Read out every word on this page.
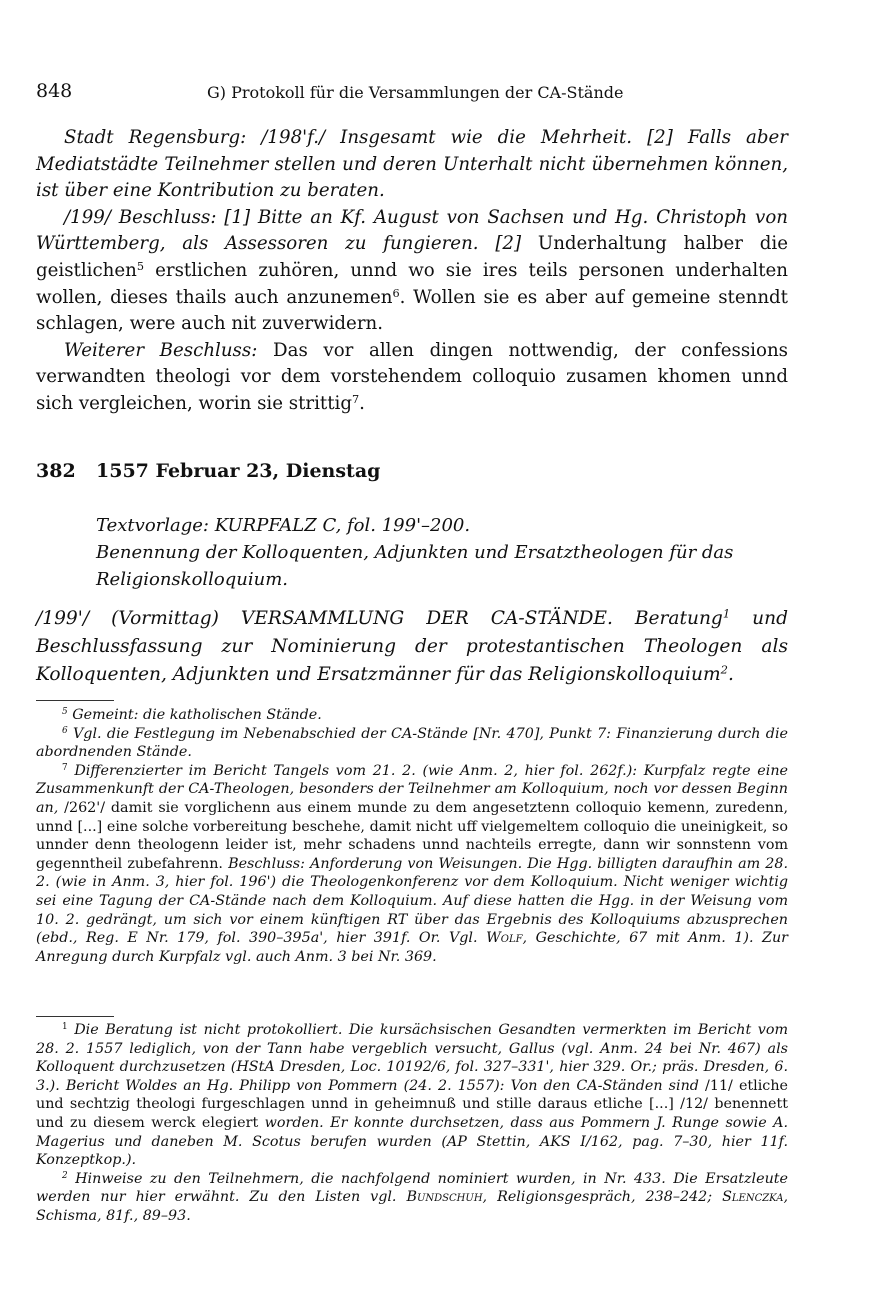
848	G) Protokoll für die Versammlungen der CA-Stände

Stadt Regensburg: /198'f./ Insgesamt wie die Mehrheit. [2] Falls aber Mediatstädte Teilnehmer stellen und deren Unterhalt nicht übernehmen können, ist über eine Kontribution zu beraten.

/199/ Beschluss: [1] Bitte an Kf. August von Sachsen und Hg. Christoph von Württemberg, als Assessoren zu fungieren. [2] Underhaltung halber die geistlichen$^5$ erstlichen zuhören, unnd wo sie ires teils personen underhalten wollen, dieses thails auch anzunemen$^6$. Wollen sie es aber auf gemeine stenndt schlagen, were auch nit zuverwidern.

Weiterer Beschluss: Das vor allen dingen nottwendig, der confessions verwandten theologi vor dem vorstehendem colloquio zusamen khomen unnd sich vergleichen, worin sie strittig$^7$.

382 1557 Februar 23, Dienstag

Textvorlage: KURPFALZ C, fol. 199'–200.

Benennung der Kolloquenten, Adjunkten und Ersatztheologen für das Religionskolloquium.

/199'/ (Vormittag) VERSAMMLUNG DER CA-STÄNDE. Beratung$^1$ und Beschlussfassung zur Nominierung der protestantischen Theologen als Kolloquenten, Adjunkten und Ersatzmänner für das Religionskolloquium$^2$.

$^5$ Gemeint: die katholischen Stände.

$^6$ Vgl. die Festlegung im Nebenabschied der CA-Stände [Nr. 470], Punkt 7: Finanzierung durch die abordnenden Stände.

$^7$ Differenzierter im Bericht Tangels vom 21. 2. (wie Anm. 2, hier fol. 262f.): Kurpfalz regte eine Zusammenkunft der CA-Theologen, besonders der Teilnehmer am Kolloquium, noch vor dessen Beginn an, /262'/ damit sie vorglichenn aus einem munde zu dem angesetztenn colloquio kemenn, zuredenn, unnd [...] eine solche vorbereitung beschehe, damit nicht uff vielgemeltem colloquio die uneinigkeit, so unnder denn theologenn leider ist, mehr schadens unnd nachteils erregte, dann wir sonnstenn vom gegenntheil zubefahrenn. Beschluss: Anforderung von Weisungen. Die Hgg. billigten daraufhin am 28. 2. (wie in Anm. 3, hier fol. 196') die Theologenkonferenz vor dem Kolloquium. Nicht weniger wichtig sei eine Tagung der CA-Stände nach dem Kolloquium. Auf diese hatten die Hgg. in der Weisung vom 10. 2. gedrängt, um sich vor einem künftigen RT über das Ergebnis des Kolloquiums abzusprechen (ebd., Reg. E Nr. 179, fol. 390–395a', hier 391f. Or. Vgl. Wolf, Geschichte, 67 mit Anm. 1). Zur Anregung durch Kurpfalz vgl. auch Anm. 3 bei Nr. 369.

$^1$ Die Beratung ist nicht protokolliert. Die kursächsischen Gesandten vermerkten im Bericht vom 28. 2. 1557 lediglich, von der Tann habe vergeblich versucht, Gallus (vgl. Anm. 24 bei Nr. 467) als Kolloquent durchzusetzen (HStA Dresden, Loc. 10192/6, fol. 327–331', hier 329. Or.; präs. Dresden, 6. 3.). Bericht Woldes an Hg. Philipp von Pommern (24. 2. 1557): Von den CA-Ständen sind /11/ etliche und sechtzig theologi furgeschlagen unnd in geheimnuß und stille daraus etliche [...] /12/ benennett und zu diesem werck elegiert worden. Er konnte durchsetzen, dass aus Pommern J. Runge sowie A. Magerius und daneben M. Scotus berufen wurden (AP Stettin, AKS I/162, pag. 7–30, hier 11f. Konzeptkop.).

$^2$ Hinweise zu den Teilnehmern, die nachfolgend nominiert wurden, in Nr. 433. Die Ersatzleute werden nur hier erwähnt. Zu den Listen vgl. Bundschuh, Religionsgespräch, 238–242; Slenczka, Schisma, 81f., 89–93.
